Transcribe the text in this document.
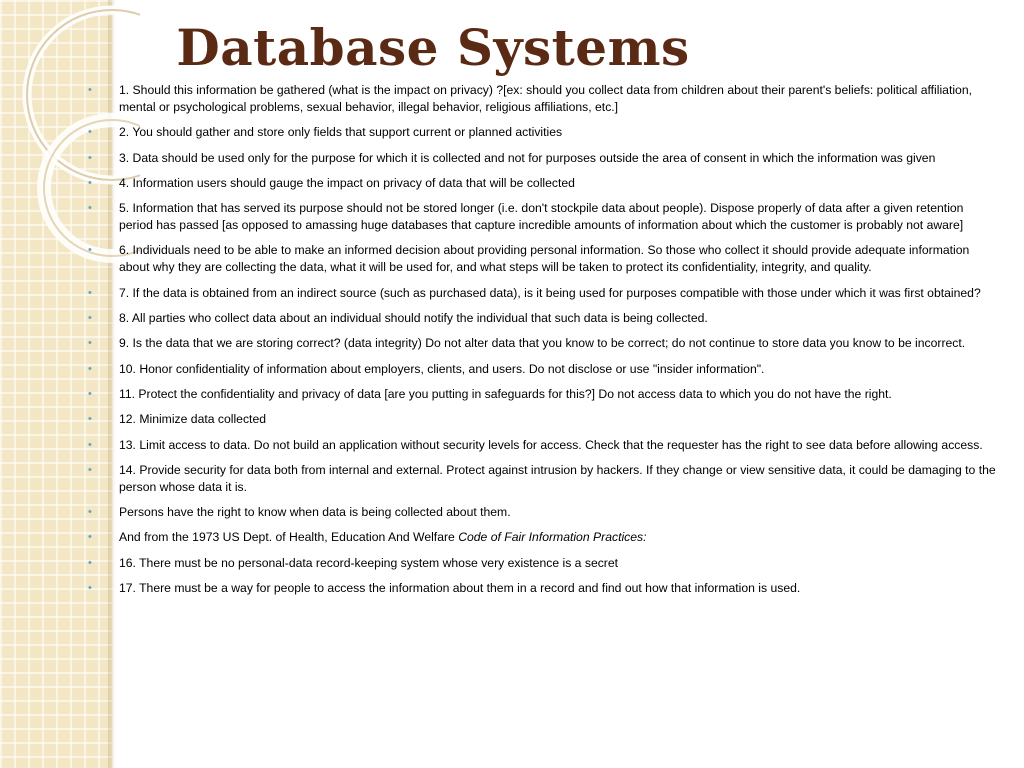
Database Systems
• 1. Should this information be gathered (what is the impact on privacy) ?[ex: should you collect data from children about their parent's beliefs: political affiliation, mental or psychological problems, sexual behavior, illegal behavior, religious affiliations, etc.]
• 2. You should gather and store only fields that support current or planned activities
• 3. Data should be used only for the purpose for which it is collected and not for purposes outside the area of consent in which the information was given
• 4. Information users should gauge the impact on privacy of data that will be collected
• 5. Information that has served its purpose should not be stored longer (i.e. don't stockpile data about people). Dispose properly of data after a given retention period has passed [as opposed to amassing huge databases that capture incredible amounts of information about which the customer is probably not aware]
• 6. Individuals need to be able to make an informed decision about providing personal information. So those who collect it should provide adequate information about why they are collecting the data, what it will be used for, and what steps will be taken to protect its confidentiality, integrity, and quality.
• 7. If the data is obtained from an indirect source (such as purchased data), is it being used for purposes compatible with those under which it was first obtained?
• 8. All parties who collect data about an individual should notify the individual that such data is being collected.
• 9. Is the data that we are storing correct? (data integrity) Do not alter data that you know to be correct; do not continue to store data you know to be incorrect.
• 10. Honor confidentiality of information about employers, clients, and users. Do not disclose or use "insider information".
• 11. Protect the confidentiality and privacy of data [are you putting in safeguards for this?] Do not access data to which you do not have the right.
• 12. Minimize data collected
• 13. Limit access to data. Do not build an application without security levels for access. Check that the requester has the right to see data before allowing access.
• 14. Provide security for data both from internal and external. Protect against intrusion by hackers. If they change or view sensitive data, it could be damaging to the person whose data it is.
• Persons have the right to know when data is being collected about them.
• And from the 1973 US Dept. of Health, Education And Welfare Code of Fair Information Practices:
• 16. There must be no personal-data record-keeping system whose very existence is a secret
• 17. There must be a way for people to access the information about them in a record and find out how that information is used.
